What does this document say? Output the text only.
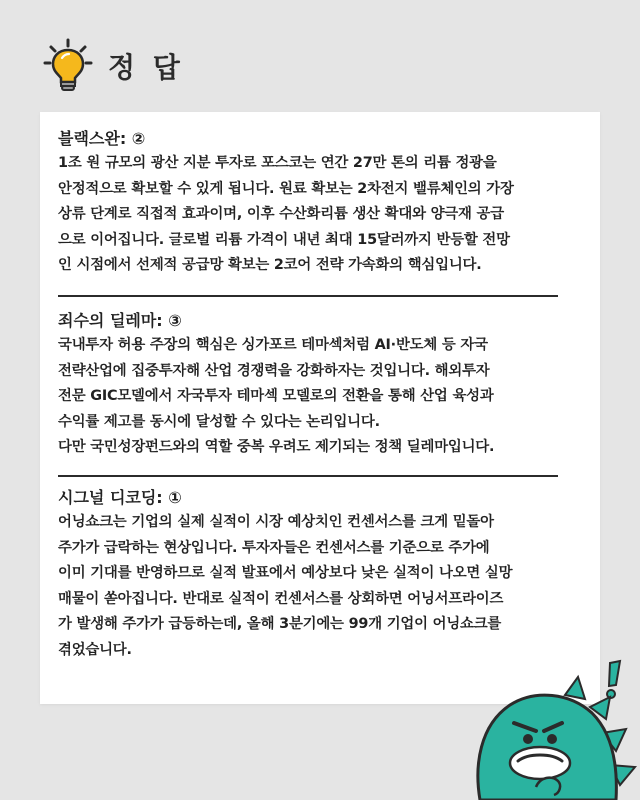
정 답
블랙스완: ②
1조 원 규모의 광산 지분 투자로 포스코는 연간 27만 톤의 리튬 정광을
안정적으로 확보할 수 있게 됩니다. 원료 확보는 2차전지 밸류체인의 가장
상류 단계로 직접적 효과이며, 이후 수산화리튬 생산 확대와 양극재 공급
으로 이어집니다. 글로벌 리튬 가격이 내년 최대 15달러까지 반등할 전망
인 시점에서 선제적 공급망 확보는 2코어 전략 가속화의 핵심입니다.
죄수의 딜레마: ③
국내투자 허용 주장의 핵심은 싱가포르 테마섹처럼 AI·반도체 등 자국
전략산업에 집중투자해 산업 경쟁력을 강화하자는 것입니다. 해외투자
전문 GIC모델에서 자국투자 테마섹 모델로의 전환을 통해 산업 육성과
수익률 제고를 동시에 달성할 수 있다는 논리입니다.
다만 국민성장펀드와의 역할 중복 우려도 제기되는 정책 딜레마입니다.
시그널 디코딩: ①
어닝쇼크는 기업의 실제 실적이 시장 예상치인 컨센서스를 크게 밑돌아
주가가 급락하는 현상입니다. 투자자들은 컨센서스를 기준으로 주가에
이미 기대를 반영하므로 실적 발표에서 예상보다 낮은 실적이 나오면 실망
매물이 쏟아집니다. 반대로 실적이 컨센서스를 상회하면 어닝서프라이즈
가 발생해 주가가 급등하는데, 올해 3분기에는 99개 기업이 어닝쇼크를
겪었습니다.
